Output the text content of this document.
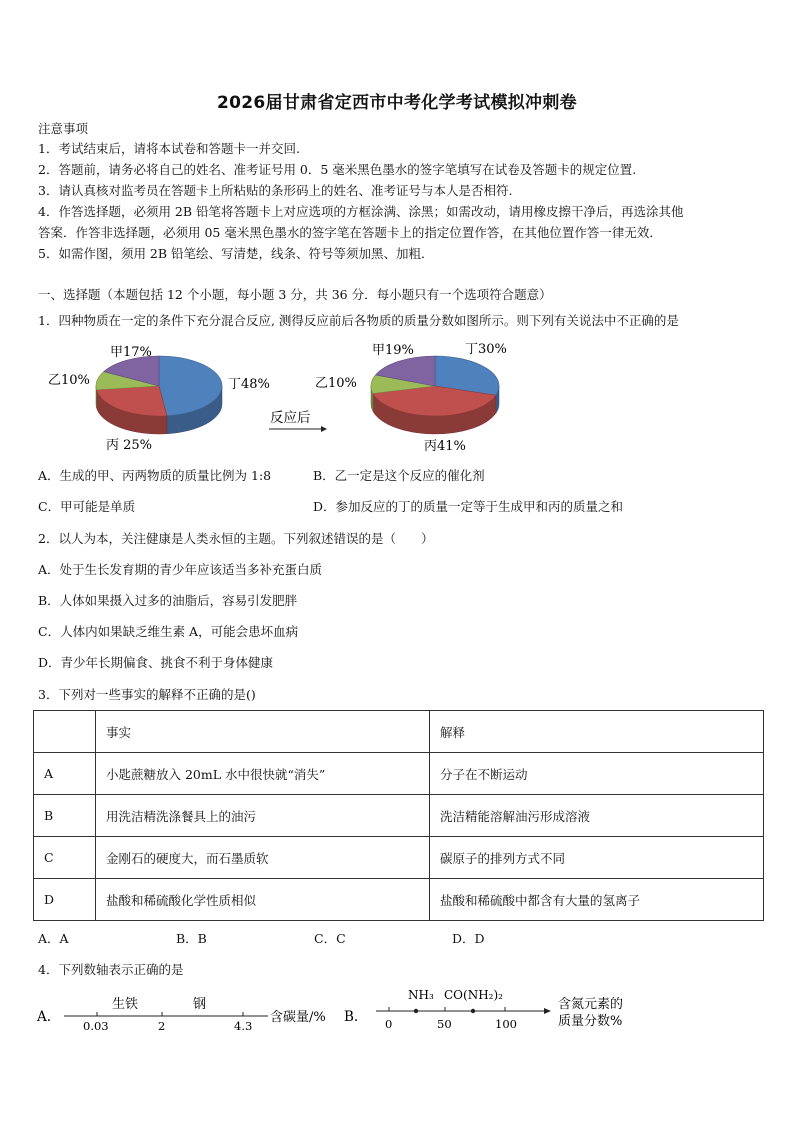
2026届甘肃省定西市中考化学考试模拟冲刺卷
注意事项
1．考试结束后，请将本试卷和答题卡一并交回.
2．答题前，请务必将自己的姓名、准考证号用 0．5 毫米黑色墨水的签字笔填写在试卷及答题卡的规定位置.
3．请认真核对监考员在答题卡上所粘贴的条形码上的姓名、准考证号与本人是否相符.
4．作答选择题，必须用 2B 铅笔将答题卡上对应选项的方框涂满、涂黑；如需改动，请用橡皮擦干净后，再选涂其他
答案．作答非选择题，必须用 05 毫米黑色墨水的签字笔在答题卡上的指定位置作答，在其他位置作答一律无效．
5．如需作图，须用 2B 铅笔绘、写清楚，线条、符号等须加黑、加粗．
一、选择题（本题包括 12 个小题，每小题 3 分，共 36 分．每小题只有一个选项符合题意）
1．四种物质在一定的条件下充分混合反应, 测得反应前后各物质的质量分数如图所示。则下列有关说法中不正确的是
乙10%
甲17%
丁48%
丙 25%
反应后
乙10%
甲19%	丁30%
丙41%
A．生成的甲、丙两物质的质量比例为 1:8	B．乙一定是这个反应的催化剂
C．甲可能是单质	D．参加反应的丁的质量一定等于生成甲和丙的质量之和
2．以人为本，关注健康是人类永恒的主题。下列叙述错误的是（　　）
A．处于生长发育期的青少年应该适当多补充蛋白质
B．人体如果摄入过多的油脂后，容易引发肥胖
C．人体内如果缺乏维生素 A，可能会患坏血病
D．青少年长期偏食、挑食不利于身体健康
3．下列对一些事实的解释不正确的是()
	事实	解释
A	小匙蔗糖放入 20mL 水中很快就“消失”	分子在不断运动
B	用洗洁精洗涤餐具上的油污	洗洁精能溶解油污形成溶液
C	金刚石的硬度大，而石墨质软	碳原子的排列方式不同
D	盐酸和稀硫酸化学性质相似	盐酸和稀硫酸中都含有大量的氢离子
A．A	B．B	C．C	D．D
4．下列数轴表示正确的是
A.
生铁	钢
0.03	2	4.3
含碳量/% B.
NH₃ CO(NH₂)₂
0	50	100
含氮元素的
质量分数%
